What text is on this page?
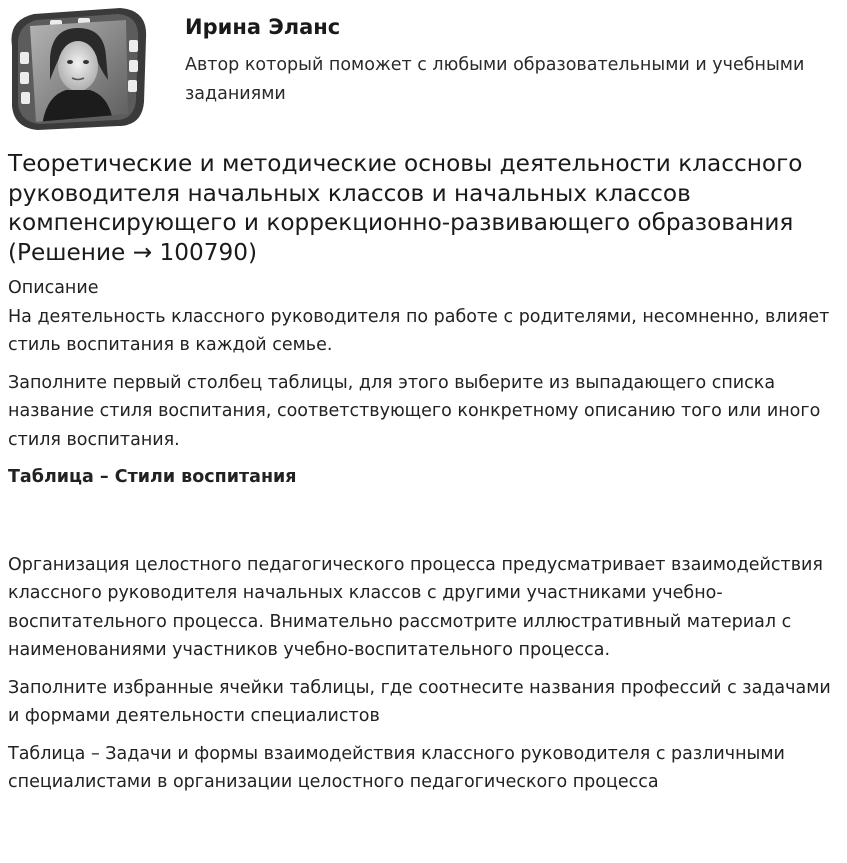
Ирина Эланс
Автор который поможет с любыми образовательными и учебными заданиями
Теоретические и методические основы деятельности классного руководителя начальных классов и начальных классов компенсирующего и коррекционно-развивающего образования (Решение → 100790)

Описание

На деятельность классного руководителя по работе с родителями, несомненно, влияет стиль воспитания в каждой семье.

Заполните первый столбец таблицы, для этого выберите из выпадающего списка название стиля воспитания, соответствующего конкретному описанию того или иного стиля воспитания.

Таблица – Стили воспитания

Организация целостного педагогического процесса предусматривает взаимодействия классного руководителя начальных классов с другими участниками учебно-воспитательного процесса. Внимательно рассмотрите иллюстративный материал с наименованиями участников учебно-воспитательного процесса.

Заполните избранные ячейки таблицы, где соотнесите названия профессий с задачами и формами деятельности специалистов

Таблица – Задачи и формы взаимодействия классного руководителя с различными специалистами в организации целостного педагогического процесса
